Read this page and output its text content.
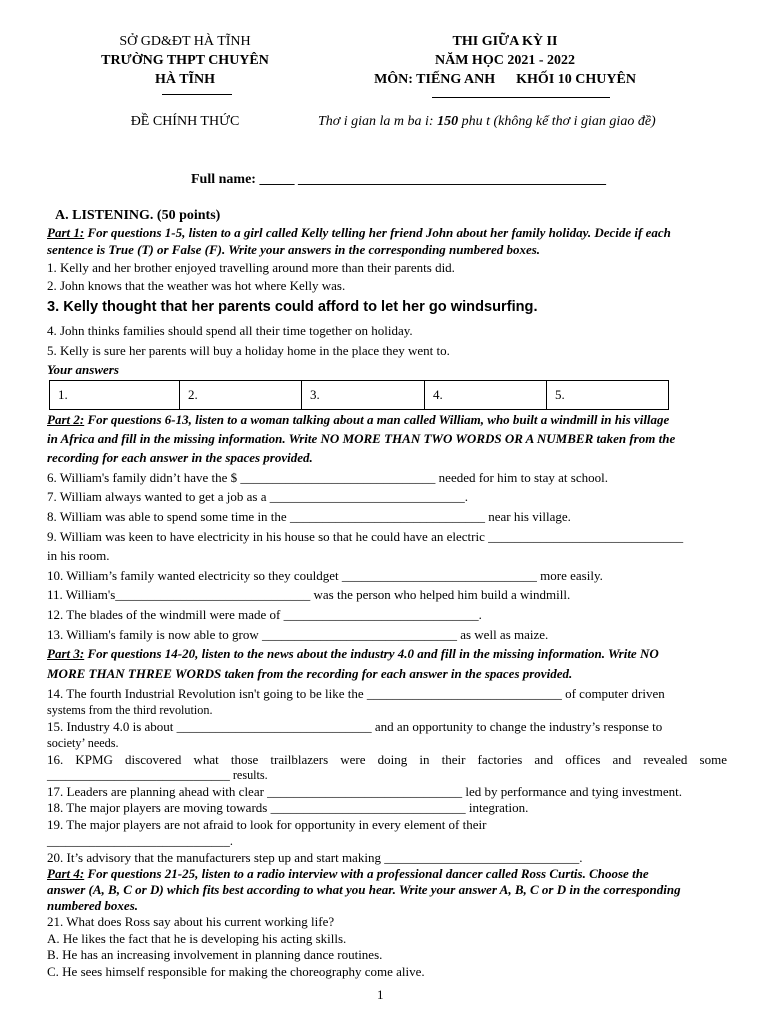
SỞ GD&ĐT HÀ TĨNH
TRƯỜNG THPT CHUYÊN
HÀ TĨNH
ĐỀ CHÍNH THỨC
THI GIỮA KỲ II
NĂM HỌC 2021 - 2022
MÔN: TIẾNG ANH      KHỐI 10 CHUYÊN
Thơ i gian la m ba i: 150 phu t (không kể thơ i gian giao đề)
Full name: _____ ____________________________________________
A. LISTENING. (50 points)
Part 1: For questions 1-5, listen to a girl called Kelly telling her friend John about her family holiday. Decide if each
sentence is True (T) or False (F). Write your answers in the corresponding numbered boxes.
1. Kelly and her brother enjoyed travelling around more than their parents did.
2. John knows that the weather was hot where Kelly was.
3. Kelly thought that her parents could afford to let her go windsurfing.
4. John thinks families should spend all their time together on holiday.
5. Kelly is sure her parents will buy a holiday home in the place they went to.
Your answers
1.	2.	3.	4.	5.
Part 2: For questions 6-13, listen to a woman talking about a man called William, who built a windmill in his village
in Africa and fill in the missing information. Write NO MORE THAN TWO WORDS OR A NUMBER taken from the
recording for each answer in the spaces provided.
6. William's family didn’t have the $ ______________________________ needed for him to stay at school.
7. William always wanted to get a job as a ______________________________.
8. William was able to spend some time in the ______________________________ near his village.
9. William was keen to have electricity in his house so that he could have an electric ______________________________
in his room.
10. William’s family wanted electricity so they couldget ______________________________ more easily.
11. William's______________________________ was the person who helped him build a windmill.
12. The blades of the windmill were made of ______________________________.
13. William's family is now able to grow ______________________________ as well as maize.
Part 3: For questions 14-20, listen to the news about the industry 4.0 and fill in the missing information. Write NO
MORE THAN THREE WORDS taken from the recording for each answer in the spaces provided.
14. The fourth Industrial Revolution isn't going to be like the ______________________________ of computer driven
systems from the third revolution.
15. Industry 4.0 is about ______________________________ and an opportunity to change the industry’s response to
society’ needs.
16. KPMG discovered what those trailblazers were doing in their factories and offices and revealed some
______________________________ results.
17. Leaders are planning ahead with clear ______________________________ led by performance and tying investment.
18. The major players are moving towards ______________________________ integration.
19. The major players are not afraid to look for opportunity in every element of their
______________________________.
20. It’s advisory that the manufacturers step up and start making ______________________________.
Part 4: For questions 21-25, listen to a radio interview with a professional dancer called Ross Curtis. Choose the
answer (A, B, C or D) which fits best according to what you hear. Write your answer A, B, C or D in the corresponding
numbered boxes.
21. What does Ross say about his current working life?
A. He likes the fact that he is developing his acting skills.
B. He has an increasing involvement in planning dance routines.
C. He sees himself responsible for making the choreography come alive.
1
